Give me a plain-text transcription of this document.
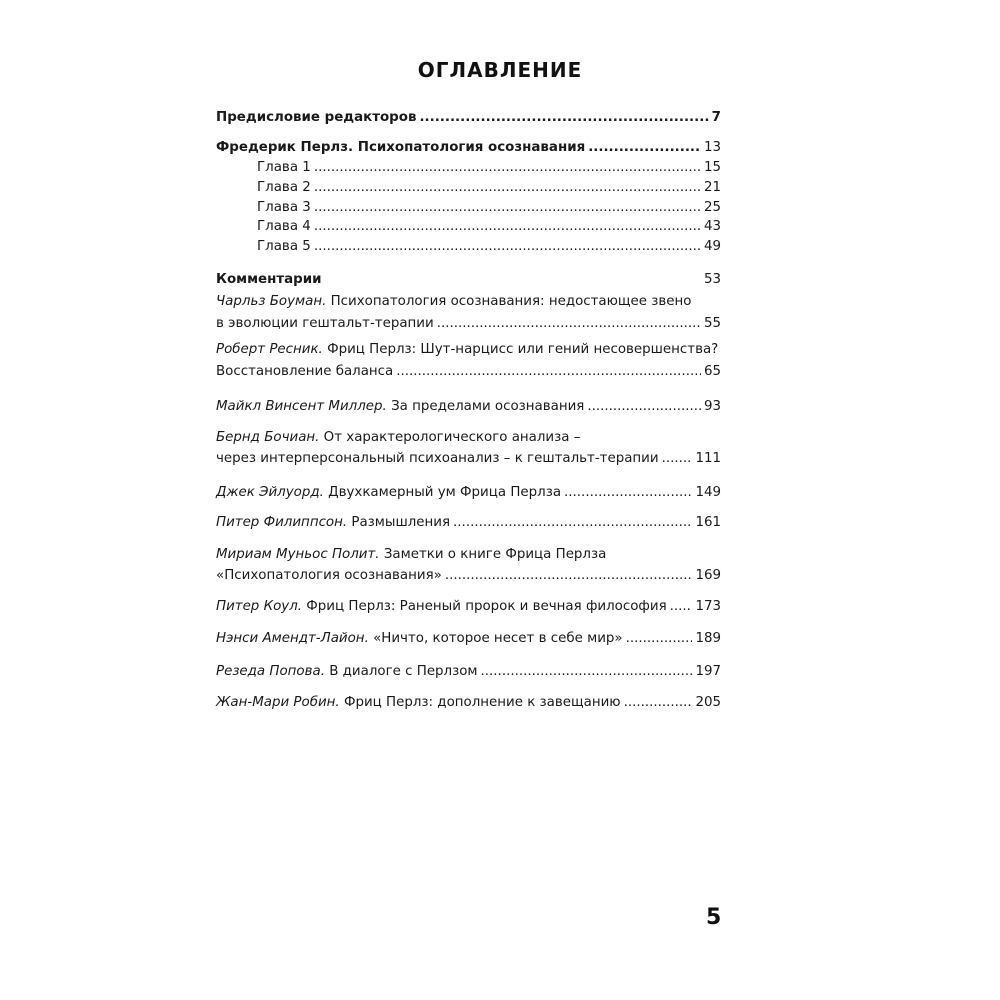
ОГЛАВЛЕНИЕ
Предисловие редакторов .....	7
Фредерик Перлз. Психопатология осознавания .....	13
Глава 1 .....	15
Глава 2 .....	21
Глава 3 .....	25
Глава 4 .....	43
Глава 5 .....	49
Комментарии	53
Чарльз Боуман. Психопатология осознавания: недостающее звено
в эволюции гештальт-терапии .....	55
Роберт Ресник. Фриц Перлз: Шут-нарцисс или гений несовершенства?
Восстановление баланса .....	65
Майкл Винсент Миллер. За пределами осознавания .....	93
Бернд Бочиан. От характерологического анализа –
через интерперсональный психоанализ – к гештальт-терапии .....	111
Джек Эйлуорд. Двухкамерный ум Фрица Перлза .....	149
Питер Филиппсон. Размышления .....	161
Мириам Муньос Полит. Заметки о книге Фрица Перлза
«Психопатология осознавания» .....	169
Питер Коул. Фриц Перлз: Раненый пророк и вечная философия ..... 173
Нэнси Амендт-Лайон. «Ничто, которое несет в себе мир» .....	189
Резеда Попова. В диалоге с Перлзом .....	197
Жан-Мари Робин. Фриц Перлз: дополнение к завещанию .....	205
5
